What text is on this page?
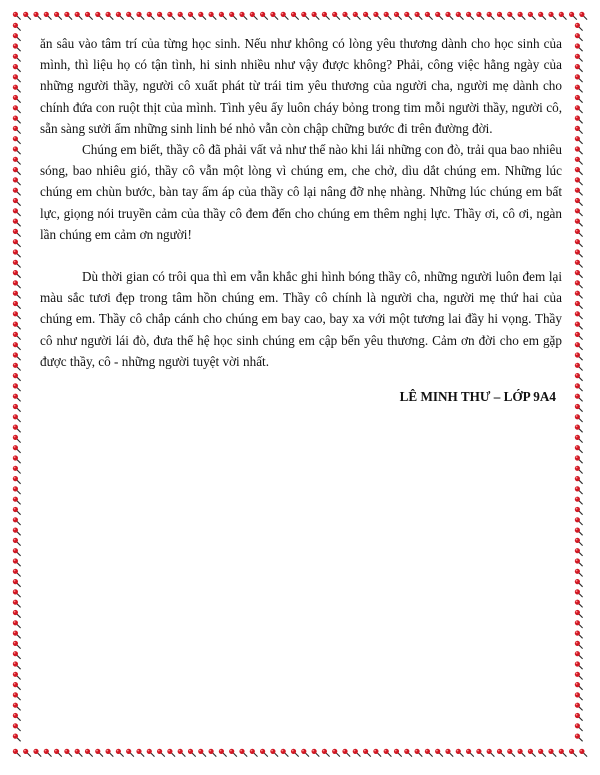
ăn sâu vào tâm trí của từng học sinh. Nếu như không có lòng yêu thương dành cho học sinh của mình, thì liệu họ có tận tình, hi sinh nhiều như vậy được không? Phải, công việc hằng ngày của những người thầy, người cô xuất phát từ trái tim yêu thương của người cha, người mẹ dành cho chính đứa con ruột thịt của mình. Tình yêu ấy luôn cháy bỏng trong tim mỗi người thầy, người cô, sẵn sàng sưởi ấm những sinh linh bé nhỏ vẫn còn chập chững bước đi trên đường đời.

Chúng em biết, thầy cô đã phải vất vả như thế nào khi lái những con đò, trải qua bao nhiêu sóng, bao nhiêu gió, thầy cô vẫn một lòng vì chúng em, che chở, dìu dắt chúng em. Những lúc chúng em chùn bước, bàn tay ấm áp của thầy cô lại nâng đỡ nhẹ nhàng. Những lúc chúng em bất lực, giọng nói truyền cảm của thầy cô đem đến cho chúng em thêm nghị lực. Thầy ơi, cô ơi, ngàn lần chúng em cảm ơn người!

Dù thời gian có trôi qua thì em vẫn khắc ghi hình bóng thầy cô, những người luôn đem lại màu sắc tươi đẹp trong tâm hồn chúng em. Thầy cô chính là người cha, người mẹ thứ hai của chúng em. Thầy cô chắp cánh cho chúng em bay cao, bay xa với một tương lai đầy hi vọng. Thầy cô như người lái đò, đưa thế hệ học sinh chúng em cập bến yêu thương. Cảm ơn đời cho em gặp được thầy, cô - những người tuyệt vời nhất.

LÊ MINH THƯ – LỚP 9A4
